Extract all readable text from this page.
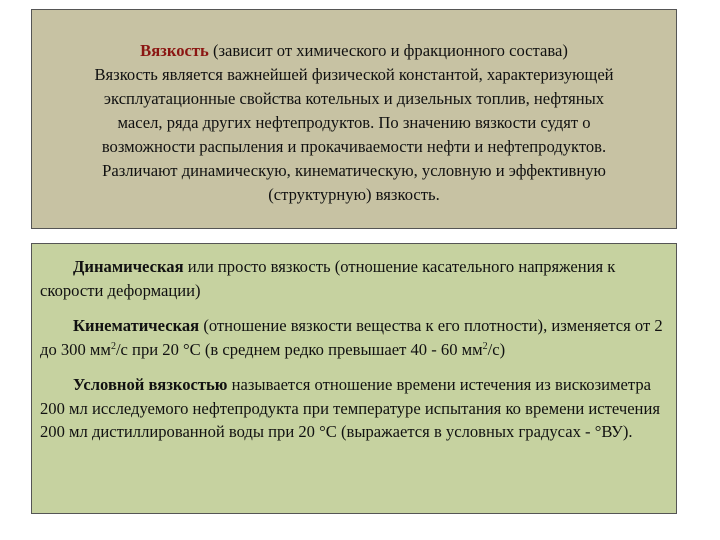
Вязкость (зависит от химического и фракционного состава)
Вязкость является важнейшей физической константой, характеризующей
эксплуатационные свойства котельных и дизельных топлив, нефтяных
масел, ряда других нефтепродуктов. По значению вязкости судят о
возможности распыления и прокачиваемости нефти и нефтепродуктов.
Различают динамическую, кинематическую, условную и эффективную
(структурную) вязкость.

Динамическая или просто вязкость (отношение касательного напряжения к скорости деформации)

Кинематическая (отношение вязкости вещества к его плотности), изменяется от 2 до 300 $мм^2/с$ при 20 °С (в среднем редко превышает 40 - 60 $мм^2/с$)

Условной вязкостью называется отношение времени истечения из вискозиметра 200 мл исследуемого нефтепродукта при температуре испытания ко времени истечения 200 мл дистиллированной воды при 20 °С (выражается в условных градусах - °ВУ).
